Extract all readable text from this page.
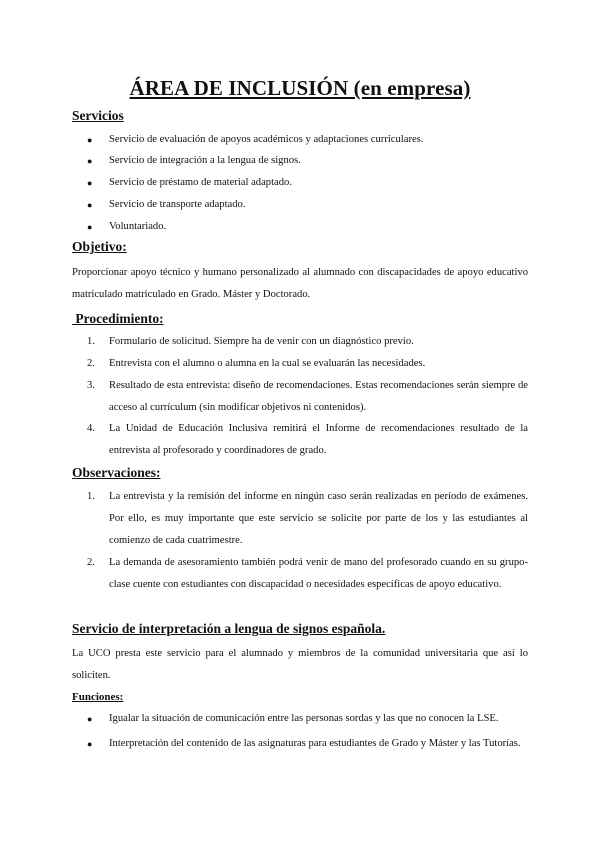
ÁREA DE INCLUSIÓN (en empresa)
Servicios
● Servicio de evaluación de apoyos académicos y adaptaciones curriculares.
● Servicio de integración a la lengua de signos.
● Servicio de préstamo de material adaptado.
● Servicio de transporte adaptado.
● Voluntariado.
Objetivo:
Proporcionar apoyo técnico y humano personalizado al alumnado con discapacidades de apoyo educativo matriculado matriculado en Grado. Máster y Doctorado.
Procedimiento:
1. Formulario de solicitud. Siempre ha de venir con un diagnóstico previo.
2. Entrevista con el alumno o alumna en la cual se evaluarán las necesidades.
3. Resultado de esta entrevista: diseño de recomendaciones. Estas recomendaciones serán siempre de acceso al currículum (sin modificar objetivos ni contenidos).
4. La Unidad de Educación Inclusiva remitirá el Informe de recomendaciones resultado de la entrevista al profesorado y coordinadores de grado.
Observaciones:
1. La entrevista y la remisión del informe en ningún caso serán realizadas en período de exámenes. Por ello, es muy importante que este servicio se solicite por parte de los y las estudiantes al comienzo de cada cuatrimestre.
2. La demanda de asesoramiento también podrá venir de mano del profesorado cuando en su grupo-clase cuente con estudiantes con discapacidad o necesidades específicas de apoyo educativo.
Servicio de interpretación a lengua de signos española.
La UCO presta este servicio para el alumnado y miembros de la comunidad universitaria que así lo soliciten.
Funciones:
● Igualar la situación de comunicación entre las personas sordas y las que no conocen la LSE.
● Interpretación del contenido de las asignaturas para estudiantes de Grado y Máster y las Tutorías.
